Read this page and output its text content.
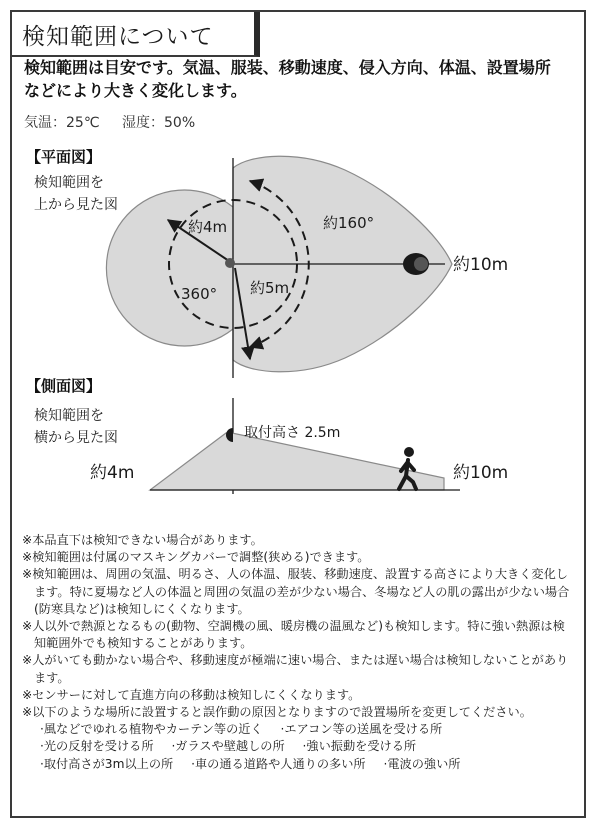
検知範囲について
検知範囲は目安です。気温、服装、移動速度、侵入方向、体温、設置場所などにより大きく変化します。
気温：25℃ 湿度：50%
【平面図】
検知範囲を
上から見た図
【側面図】
検知範囲を
横から見た図
約4m
約5m
360°
約160°
約10m
取付高さ 2.5m
約4m	約10m
※本品直下は検知できない場合があります。
※検知範囲は付属のマスキングカバーで調整(狭める)できます。
※検知範囲は、周囲の気温、明るさ、人の体温、服装、移動速度、設置する高さにより大きく変化します。特に夏場など人の体温と周囲の気温の差が少ない場合、冬場など人の肌の露出が少ない場合(防寒具など)は検知しにくくなります。
※人以外で熱源となるもの(動物、空調機の風、暖房機の温風など)も検知します。特に強い熱源は検知範囲外でも検知することがあります。
※人がいても動かない場合や、移動速度が極端に速い場合、または遅い場合は検知しないことがあります。
※センサーに対して直進方向の移動は検知しにくくなります。
※以下のような場所に設置すると誤作動の原因となりますので設置場所を変更してください。
·風などでゆれる植物やカーテン等の近く ·エアコン等の送風を受ける所
·光の反射を受ける所 ·ガラスや壁越しの所 ·強い振動を受ける所
·取付高さが3m以上の所 ·車の通る道路や人通りの多い所 ·電波の強い所
